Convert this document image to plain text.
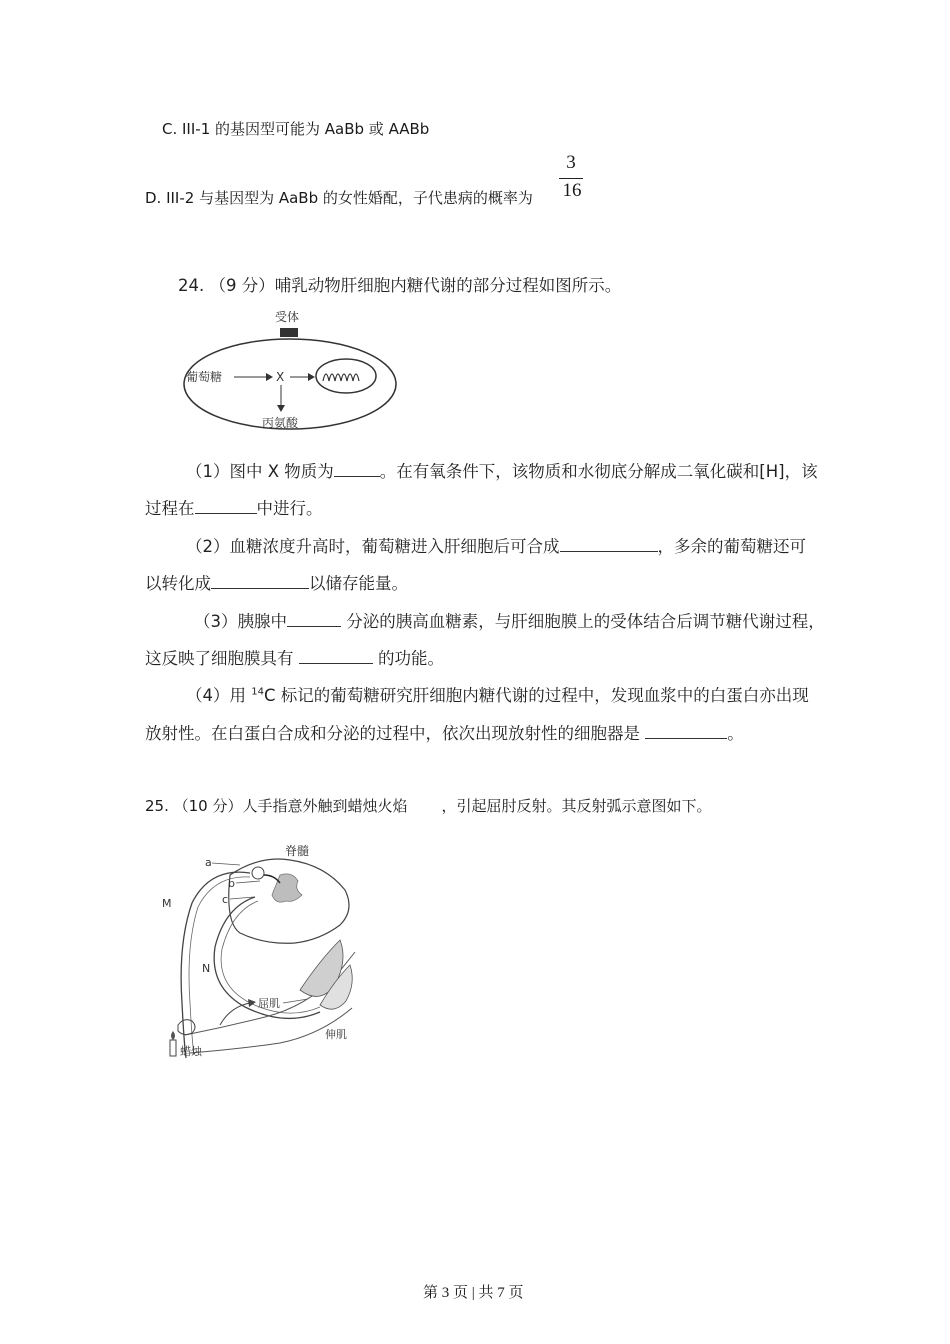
C. III-1 的基因型可能为 AaBb 或 AABb
D. III-2 与基因型为 AaBb 的女性婚配，子代患病的概率为
3
16
24. （9 分）哺乳动物肝细胞内糖代谢的部分过程如图所示。
受体
葡萄糖	X
丙氨酸
（1）图中 X 物质为	。在有氧条件下，该物质和水彻底分解成二氧化碳和[H]，该
过程在	中进行。
（2）血糖浓度升高时，葡萄糖进入肝细胞后可合成	，多余的葡萄糖还可
以转化成	以储存能量。
（3）胰腺中	分泌的胰高血糖素，与肝细胞膜上的受体结合后调节糖代谢过程，
这反映了细胞膜具有	的功能。
（4）用 $^{14}$C 标记的葡萄糖研究肝细胞内糖代谢的过程中，发现血浆中的白蛋白亦出现
放射性。在白蛋白合成和分泌的过程中，依次出现放射性的细胞器是	。
25. （10 分）人手指意外触到蜡烛火焰 ，引起屈肘反射。其反射弧示意图如下。
脊髓
a
b
c
M
N
屈肌
伸肌
蜡烛
第 3 页 | 共 7 页
